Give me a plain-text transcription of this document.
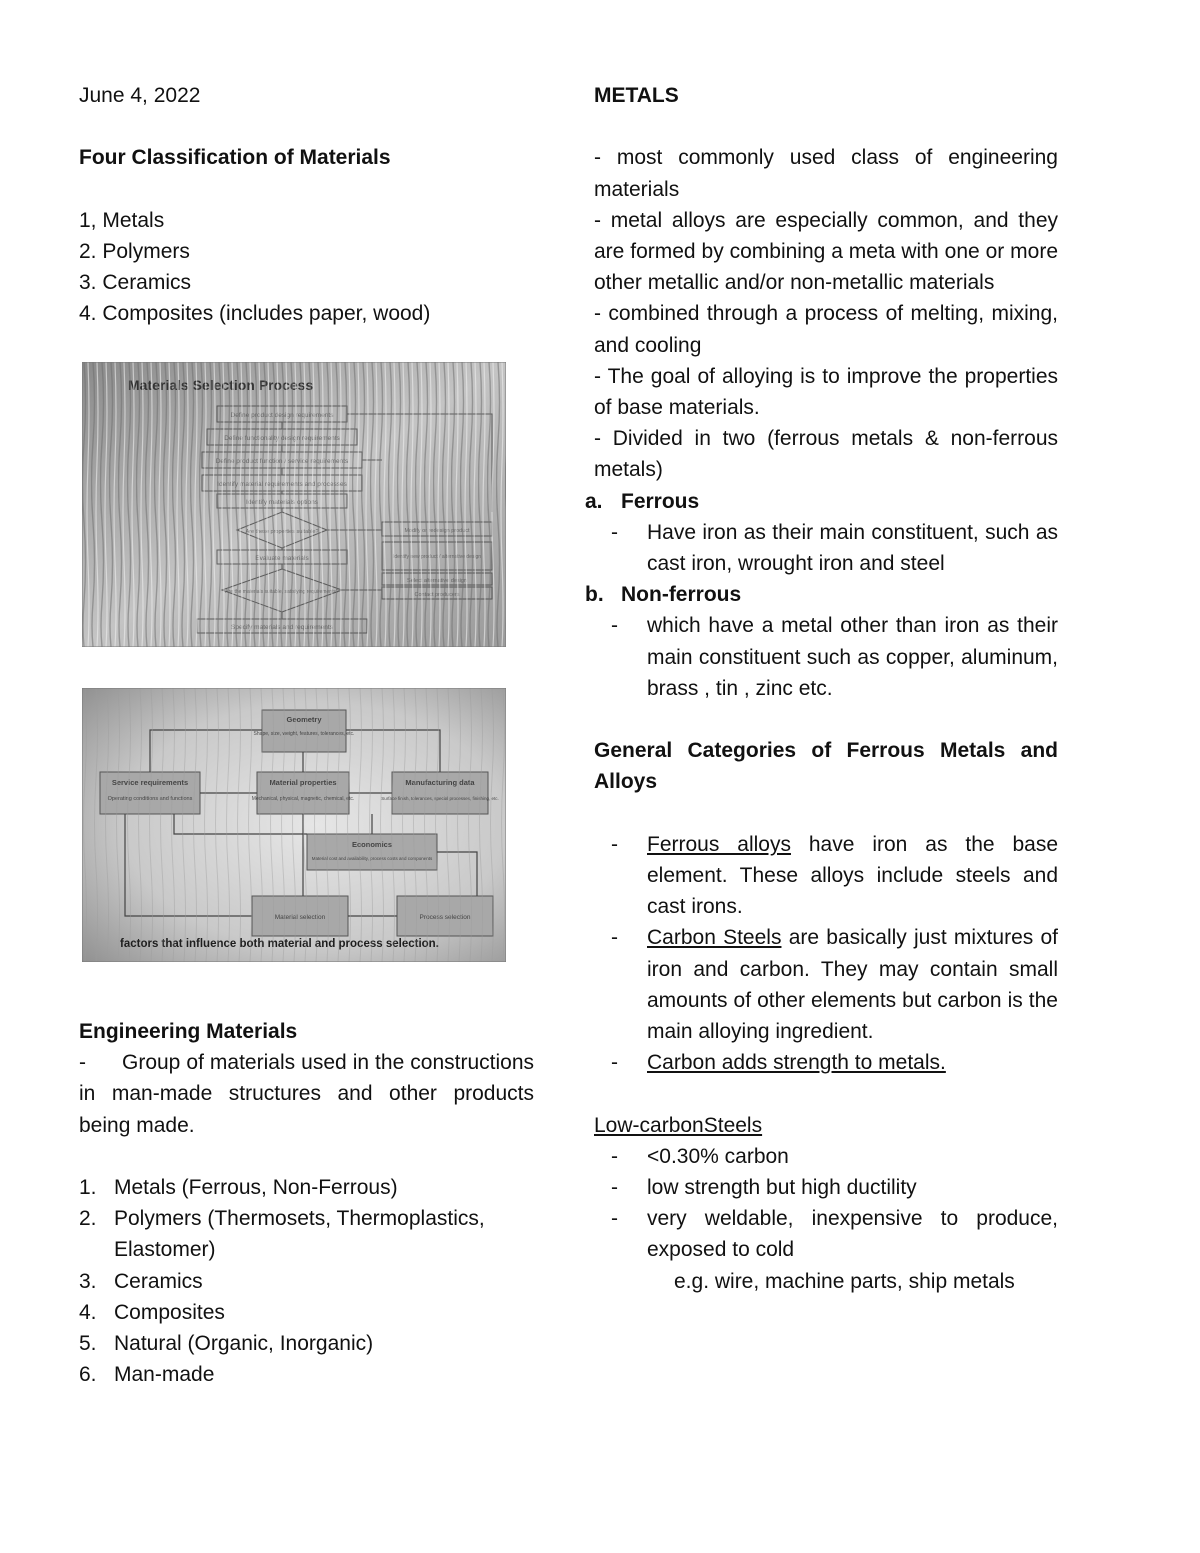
June 4, 2022

Four Classification of Materials

1, Metals

2. Polymers

3. Ceramics

4. Composites (includes paper, wood)

Engineering Materials

- Group of materials used in the constructions in man-made structures and other products being made.

1. Metals (Ferrous, Non-Ferrous)
2. Polymers (Thermosets, Thermoplastics, Elastomer)
3. Ceramics
4. Composites
5. Natural (Organic, Inorganic)
6. Man-made

METALS

- most commonly used class of engineering materials

- metal alloys are especially common, and they are formed by combining a meta with one or more other metallic and/or non-metallic materials

- combined through a process of melting, mixing, and cooling

- The goal of alloying is to improve the properties of base materials.

- Divided in two (ferrous metals & non-ferrous metals)

a. Ferrous
- Have iron as their main constituent, such as cast iron, wrought iron and steel
b. Non-ferrous
- which have a metal other than iron as their main constituent such as copper, aluminum, brass , tin , zinc etc.

General Categories of Ferrous Metals and Alloys

- Ferrous alloys have iron as the base element. These alloys include steels and cast irons.
- Carbon Steels are basically just mixtures of iron and carbon. They may contain small amounts of other elements but carbon is the main alloying ingredient.
- Carbon adds strength to metals.

Low-carbonSteels

- <0.30% carbon
- low strength but high ductility
- very weldable, inexpensive to produce, exposed to cold

e.g. wire, machine parts, ship metals
